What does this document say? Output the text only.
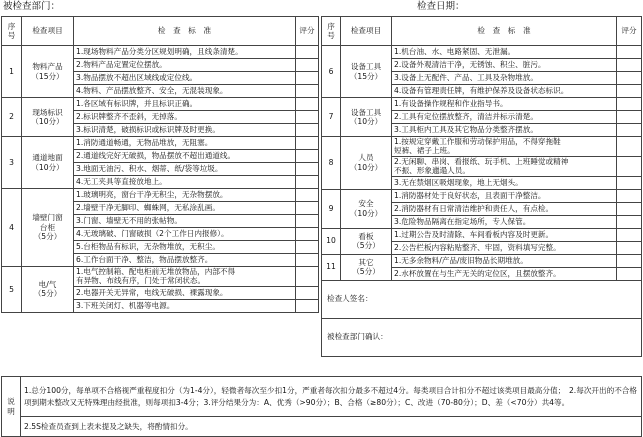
被检查部门：	检查日期：
序号	检查项目	检　查　标　准	评分
1	物料产品
（15分）	1.现场物料产品分类分区规划明确，且线条清楚。	
		2.物料产品定置定位摆放。	
		3.物品摆放不超出区域线或定位线。	
		4.物料、产品摆放整齐、安全，无混装现象。	
2	现场标识
（10分）	1.各区域有标识牌，并且标识正确。	
		2.标识牌整齐不歪斜，无掉落。	
		3.标识清楚，破损标识或标识牌及时更换。	
3	通道地面
（10分）	1.消防通道畅通，无物品堆放，无阻塞。	
		2.通道线完好无破损，物品摆放不超出通道线。	
		3.地面无油污、积水、烟蒂、纸/袋等垃圾。	
		4.无工夹具等直接放地上。	
4	墙壁门窗
台柜
（5分）	1.玻璃明亮，窗台干净无积尘，无杂物摆放。	
		2.墙壁干净无脚印、蜘蛛网，无私涂乱画。	
		3.门窗、墙壁无不用的张帖物。	
		4.无玻璃破、门窗破损（2个工作日内报修）。	
		5.台柜物品有标识，无杂物堆放，无积尘。	
		6.工作台面干净、整洁，物品摆放整齐。	
5	电/气
（5分）	1.电气控制箱、配电柜前无堆放物品，内部不得
有异物、布线有序，门处于常闭状态。	
		2.电器开关无异常，电线无破损、裸露现象。	
		3.下班关闭灯、机器等电源。	
序号	检查项目	检　查　标　准	评分
6	设备工具
（15分）	1.机台油、水、电路紧固、无泄漏。	
		2.设备外观清洁干净，无锈蚀、积尘、脏污。	
		3.设备上无配件、产品、工具及杂物堆放。	
		4.设备有管理责任牌，有维护保养及设备状态标识。	
7	设备工具
（10分）	1.有设备操作规程和作业指导书。	
		2.工具有定位摆放整齐，清洁并标示清楚。	
		3.工具柜内工具及其它物品分类整齐摆放。	
8	人员
（10分）	1.按规定穿戴工作服和劳动保护用品，不得穿拖鞋
短裤、裙子上班。	
		2.无闲聊、串岗、看报纸、玩手机、上班睡觉或精神
不振、形象邋遢人员。	
		3.无在禁烟区吸烟现象，地上无烟头。	
9	安全
（10分）	1.消防器材处于良好状态，且表面干净整洁。	
		2.消防器材有日常清洁维护和责任人，有点检。	
		3.危险物品隔离在指定场所，专人保管。	
10	看板
（5分）	1.过期公告及时清除、车间看板内容及时更新。	
		2.公告栏板内容粘贴整齐、牢固，资料填写完整。	
11	其它
（5分）	1.无多余物料/产品/废旧物品长期堆放。	
		2.水杯放置在与生产无关的定位区，且摆放整齐。	
检查人签名：			
被检查部门确认：			
说明	1.总分100分，每单项不合格视严重程度扣分（为1-4分），轻微者每次至少扣1分，严重者每次扣分最多不超过4分。每类项目合计扣分不超过该类项目最高分值；　2.每次开出的不合格项到期未整改又无特殊理由经批准，则每项扣3-4分；3.评分结果分为：A、优秀（>90分）；B、合格（≥80分）；C、改进（70-80分）；D、差（<70分）共4等。
2.5S检查员查到上表未提及之缺失，将酌情扣分。
